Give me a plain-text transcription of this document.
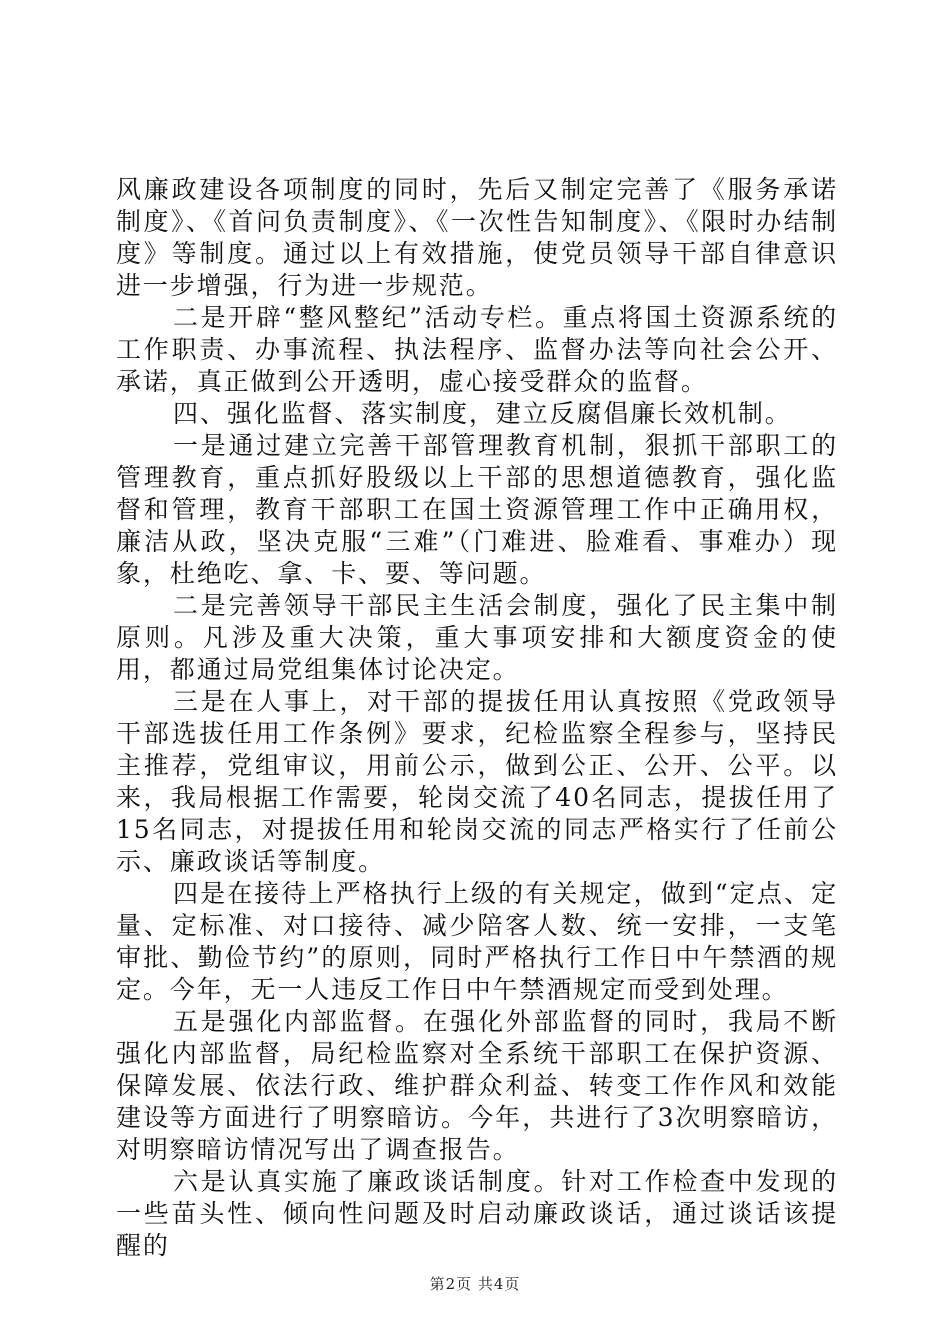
风廉政建设各项制度的同时，先后又制定完善了《服务承诺制度》、《首问负责制度》、《一次性告知制度》、《限时办结制度》等制度。通过以上有效措施，使党员领导干部自律意识进一步增强，行为进一步规范。

二是开辟“整风整纪”活动专栏。重点将国土资源系统的工作职责、办事流程、执法程序、监督办法等向社会公开、承诺，真正做到公开透明，虚心接受群众的监督。

四、强化监督、落实制度，建立反腐倡廉长效机制。

一是通过建立完善干部管理教育机制，狠抓干部职工的管理教育，重点抓好股级以上干部的思想道德教育，强化监督和管理，教育干部职工在国土资源管理工作中正确用权，廉洁从政，坚决克服“三难”（门难进、脸难看、事难办）现象，杜绝吃、拿、卡、要、等问题。

二是完善领导干部民主生活会制度，强化了民主集中制原则。凡涉及重大决策，重大事项安排和大额度资金的使用，都通过局党组集体讨论决定。

三是在人事上，对干部的提拔任用认真按照《党政领导干部选拔任用工作条例》要求，纪检监察全程参与，坚持民主推荐，党组审议，用前公示，做到公正、公开、公平。以来，我局根据工作需要，轮岗交流了40名同志，提拔任用了15名同志，对提拔任用和轮岗交流的同志严格实行了任前公示、廉政谈话等制度。

四是在接待上严格执行上级的有关规定，做到“定点、定量、定标准、对口接待、减少陪客人数、统一安排，一支笔审批、勤俭节约”的原则，同时严格执行工作日中午禁酒的规定。今年，无一人违反工作日中午禁酒规定而受到处理。

五是强化内部监督。在强化外部监督的同时，我局不断强化内部监督，局纪检监察对全系统干部职工在保护资源、保障发展、依法行政、维护群众利益、转变工作作风和效能建设等方面进行了明察暗访。今年，共进行了3次明察暗访，对明察暗访情况写出了调查报告。

六是认真实施了廉政谈话制度。针对工作检查中发现的一些苗头性、倾向性问题及时启动廉政谈话，通过谈话该提醒的

第2页 共4页
